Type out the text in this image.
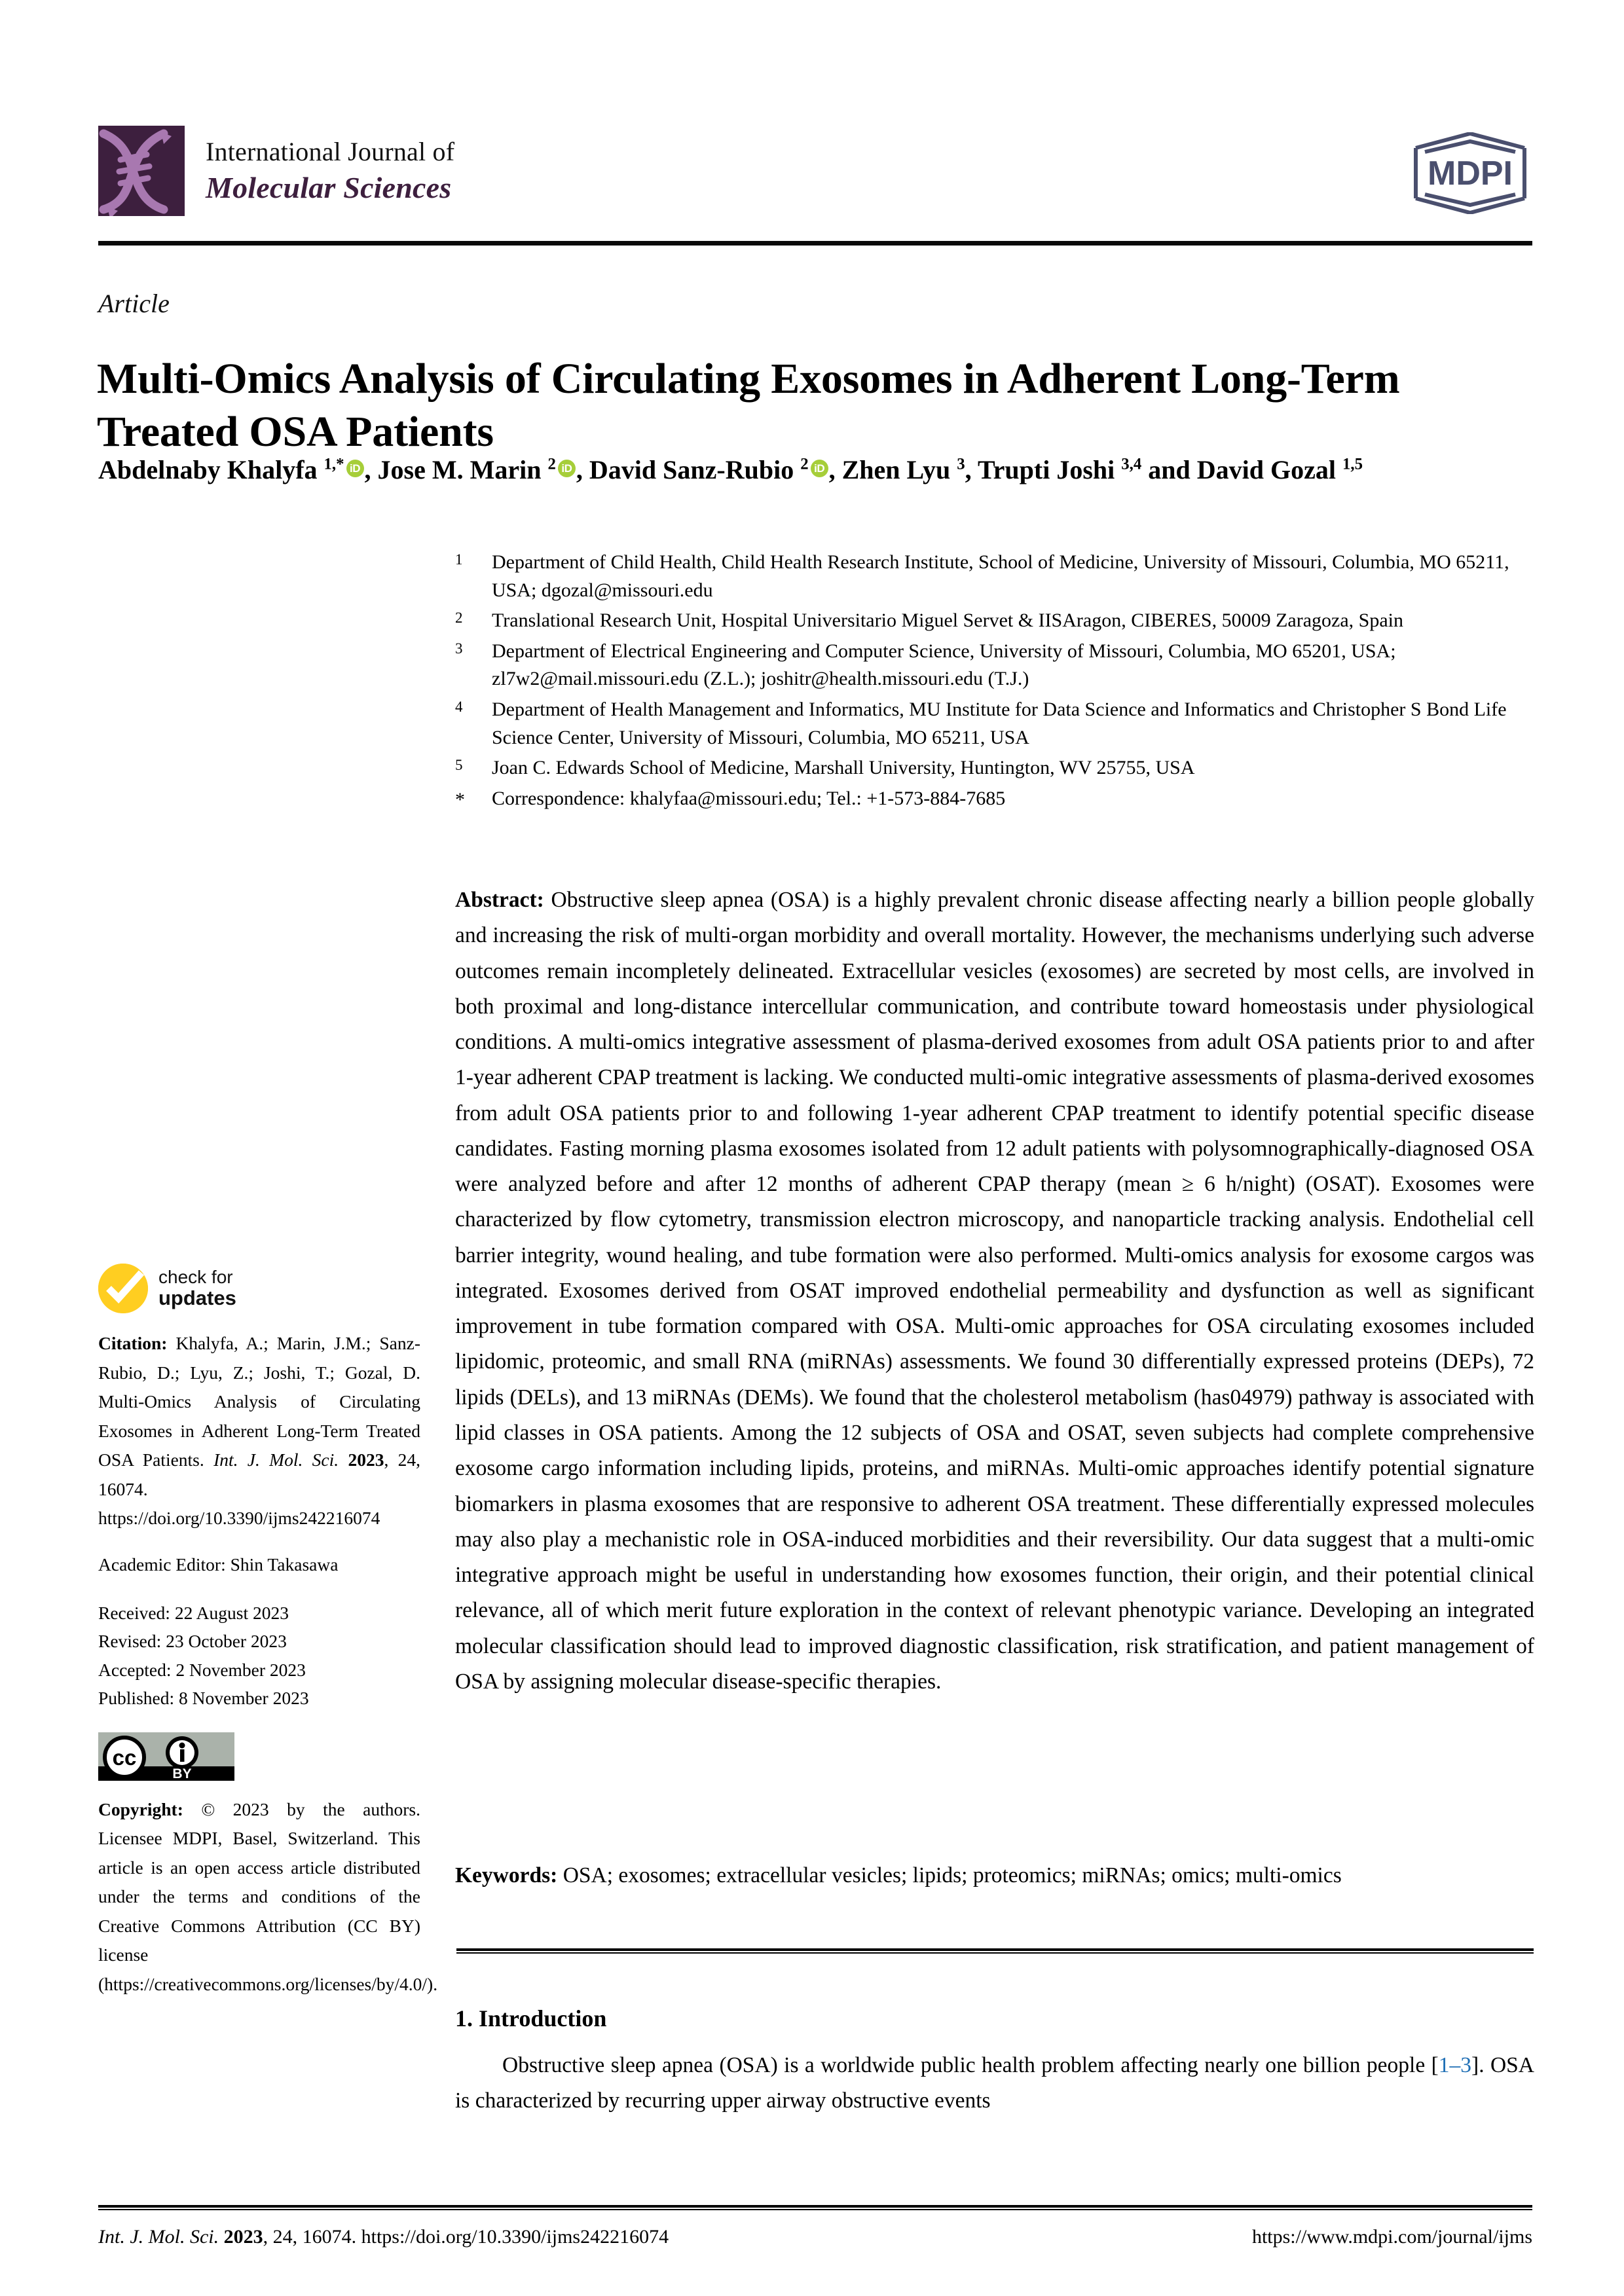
International Journal of
Molecular Sciences	MDPI
Article
Multi-Omics Analysis of Circulating Exosomes in Adherent Long-Term Treated OSA Patients
Abdelnaby Khalyfa $^{1,*}$ iD , Jose M. Marin $^2$ iD , David Sanz-Rubio $^2$ iD , Zhen Lyu $^3$, Trupti Joshi $^{3,4}$ and David Gozal $^{1,5}$
1	Department of Child Health, Child Health Research Institute, School of Medicine, University of Missouri, Columbia, MO 65211, USA; dgozal@missouri.edu
2	Translational Research Unit, Hospital Universitario Miguel Servet & IISAragon, CIBERES, 50009 Zaragoza, Spain
3	Department of Electrical Engineering and Computer Science, University of Missouri, Columbia, MO 65201, USA; zl7w2@mail.missouri.edu (Z.L.); joshitr@health.missouri.edu (T.J.)
4	Department of Health Management and Informatics, MU Institute for Data Science and Informatics and Christopher S Bond Life Science Center, University of Missouri, Columbia, MO 65211, USA
5	Joan C. Edwards School of Medicine, Marshall University, Huntington, WV 25755, USA
*	Correspondence: khalyfaa@missouri.edu; Tel.: +1-573-884-7685
Abstract: Obstructive sleep apnea (OSA) is a highly prevalent chronic disease affecting nearly a billion people globally and increasing the risk of multi-organ morbidity and overall mortality. However, the mechanisms underlying such adverse outcomes remain incompletely delineated. Extracellular vesicles (exosomes) are secreted by most cells, are involved in both proximal and long-distance intercellular communication, and contribute toward homeostasis under physiological conditions. A multi-omics integrative assessment of plasma-derived exosomes from adult OSA patients prior to and after 1-year adherent CPAP treatment is lacking. We conducted multi-omic integrative assessments of plasma-derived exosomes from adult OSA patients prior to and following 1-year adherent CPAP treatment to identify potential specific disease candidates. Fasting morning plasma exosomes isolated from 12 adult patients with polysomnographically-diagnosed OSA were analyzed before and after 12 months of adherent CPAP therapy (mean ≥ 6 h/night) (OSAT). Exosomes were characterized by flow cytometry, transmission electron microscopy, and nanoparticle tracking analysis. Endothelial cell barrier integrity, wound healing, and tube formation were also performed. Multi-omics analysis for exosome cargos was integrated. Exosomes derived from OSAT improved endothelial permeability and dysfunction as well as significant improvement in tube formation compared with OSA. Multi-omic approaches for OSA circulating exosomes included lipidomic, proteomic, and small RNA (miRNAs) assessments. We found 30 differentially expressed proteins (DEPs), 72 lipids (DELs), and 13 miRNAs (DEMs). We found that the cholesterol metabolism (has04979) pathway is associated with lipid classes in OSA patients. Among the 12 subjects of OSA and OSAT, seven subjects had complete comprehensive exosome cargo information including lipids, proteins, and miRNAs. Multi-omic approaches identify potential signature biomarkers in plasma exosomes that are responsive to adherent OSA treatment. These differentially expressed molecules may also play a mechanistic role in OSA-induced morbidities and their reversibility. Our data suggest that a multi-omic integrative approach might be useful in understanding how exosomes function, their origin, and their potential clinical relevance, all of which merit future exploration in the context of relevant phenotypic variance. Developing an integrated molecular classification should lead to improved diagnostic classification, risk stratification, and patient management of OSA by assigning molecular disease-specific therapies.
Keywords: OSA; exosomes; extracellular vesicles; lipids; proteomics; miRNAs; omics; multi-omics
1. Introduction
Obstructive sleep apnea (OSA) is a worldwide public health problem affecting nearly one billion people [1–3]. OSA is characterized by recurring upper airway obstructive events
check for
updates
Citation: Khalyfa, A.; Marin, J.M.; Sanz-Rubio, D.; Lyu, Z.; Joshi, T.; Gozal, D. Multi-Omics Analysis of Circulating Exosomes in Adherent Long-Term Treated OSA Patients. Int. J. Mol. Sci. 2023, 24, 16074. https://doi.org/10.3390/ijms242216074
Academic Editor: Shin Takasawa
Received: 22 August 2023
Revised: 23 October 2023
Accepted: 2 November 2023
Published: 8 November 2023
cc
BY
Copyright: © 2023 by the authors. Licensee MDPI, Basel, Switzerland. This article is an open access article distributed under the terms and conditions of the Creative Commons Attribution (CC BY) license (https://creativecommons.org/licenses/by/4.0/).
Int. J. Mol. Sci. 2023, 24, 16074. https://doi.org/10.3390/ijms242216074	https://www.mdpi.com/journal/ijms
